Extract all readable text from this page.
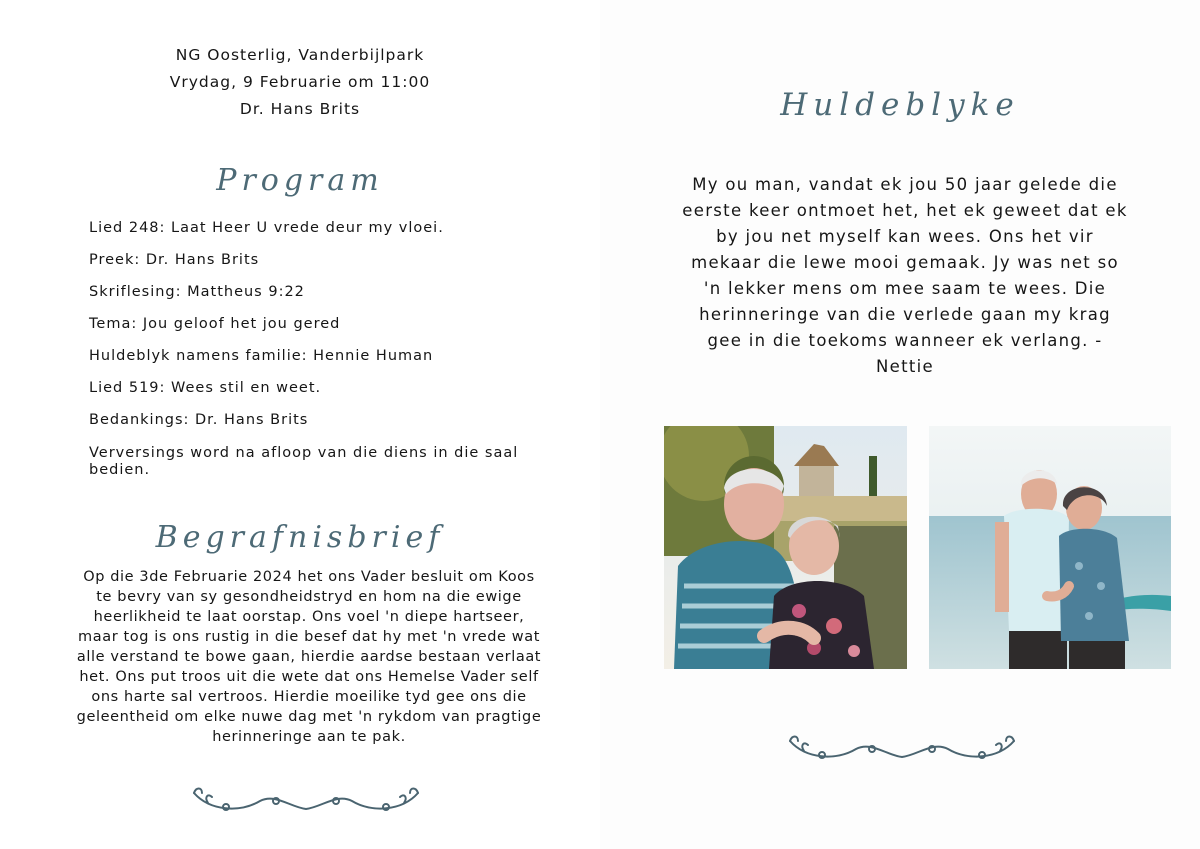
NG Oosterlig, Vanderbijlpark
Vrydag, 9 Februarie om 11:00
Dr. Hans Brits
Program
Lied 248: Laat Heer U vrede deur my vloei.
Preek: Dr. Hans Brits
Skriflesing: Mattheus 9:22
Tema: Jou geloof het jou gered
Huldeblyk namens familie: Hennie Human
Lied 519: Wees stil en weet.
Bedankings: Dr. Hans Brits
Verversings word na afloop van die diens in die saal bedien.
Begrafnisbrief
Op die 3de Februarie 2024 het ons Vader besluit om Koos te bevry van sy gesondheidstryd en hom na die ewige heerlikheid te laat oorstap. Ons voel 'n diepe hartseer, maar tog is ons rustig in die besef dat hy met 'n vrede wat alle verstand te bowe gaan, hierdie aardse bestaan verlaat het. Ons put troos uit die wete dat ons Hemelse Vader self ons harte sal vertroos. Hierdie moeilike tyd gee ons die geleentheid om elke nuwe dag met 'n rykdom van pragtige herinneringe aan te pak.
Huldeblyke
My ou man, vandat ek jou 50 jaar gelede die eerste keer ontmoet het, het ek geweet dat ek by jou net myself kan wees. Ons het vir mekaar die lewe mooi gemaak. Jy was net so 'n lekker mens om mee saam te wees. Die herinneringe van die verlede gaan my krag gee in die toekoms wanneer ek verlang. - Nettie
